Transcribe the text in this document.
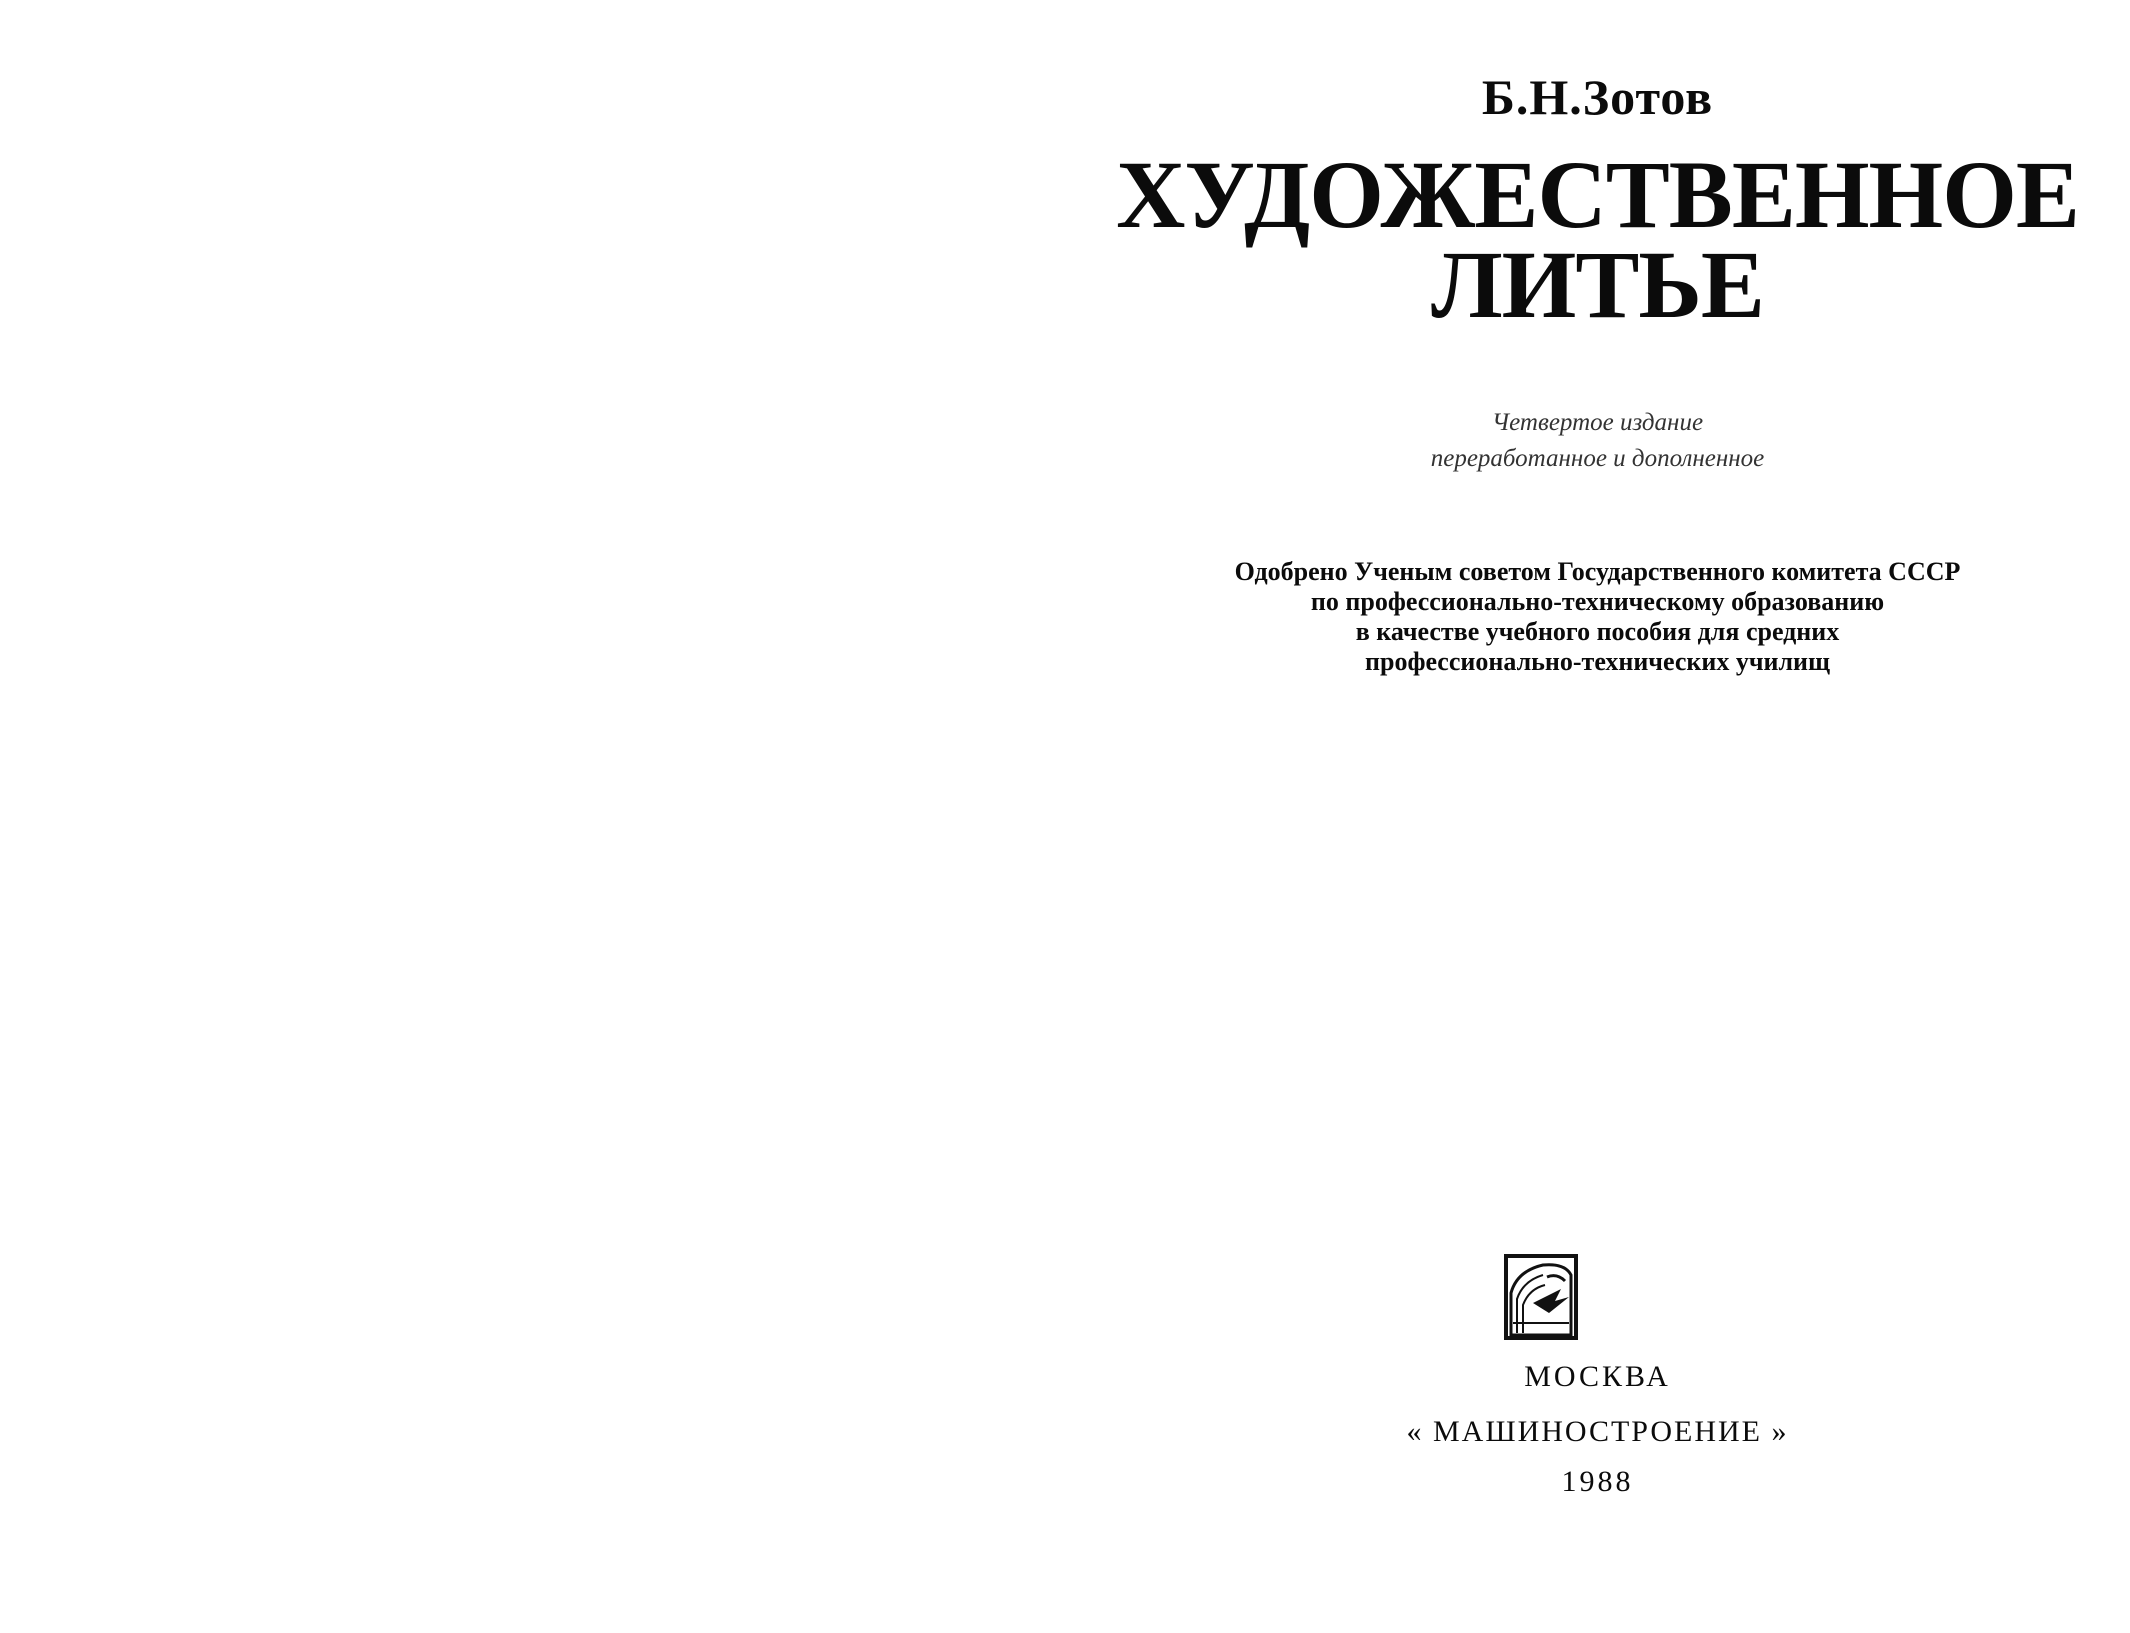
Б.Н.Зотов
ХУДОЖЕСТВЕННОЕ
ЛИТЬЕ
Четвертое издание
переработанное и дополненное
Одобрено Ученым советом Государственного комитета СССР
по профессионально-техническому образованию
в качестве учебного пособия для средних
профессионально-технических училищ
МОСКВА
« МАШИНОСТРОЕНИЕ »
1988
